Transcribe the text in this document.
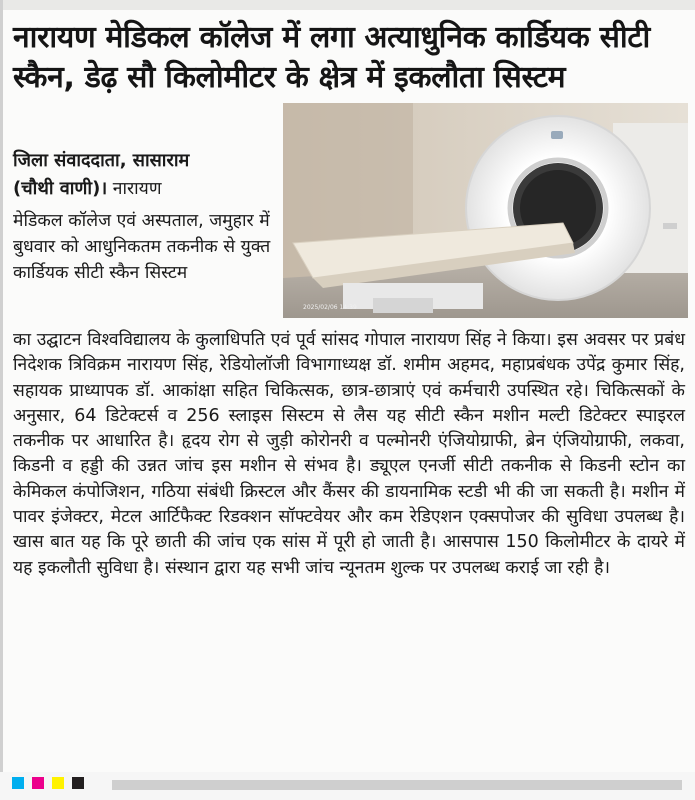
नारायण मेडिकल कॉलेज में लगा अत्याधुनिक कार्डियक सीटी स्कैन, डेढ़ सौ किलोमीटर के क्षेत्र में इकलौता सिस्टम
2025/02/06 14:39
जिला संवाददाता, सासाराम
(चौथी वाणी)। नारायण
मेडिकल कॉलेज एवं अस्पताल, जमुहार में बुधवार को आधुनिकतम तकनीक से युक्त कार्डियक सीटी स्कैन सिस्टम
का उद्घाटन विश्वविद्यालय के कुलाधिपति एवं पूर्व सांसद गोपाल नारायण सिंह ने किया। इस अवसर पर प्रबंध निदेशक त्रिविक्रम नारायण सिंह, रेडियोलॉजी विभागाध्यक्ष डॉ. शमीम अहमद, महाप्रबंधक उपेंद्र कुमार सिंह, सहायक प्राध्यापक डॉ. आकांक्षा सहित चिकित्सक, छात्र-छात्राएं एवं कर्मचारी उपस्थित रहे। चिकित्सकों के अनुसार, 64 डिटेक्टर्स व 256 स्लाइस सिस्टम से लैस यह सीटी स्कैन मशीन मल्टी डिटेक्टर स्पाइरल तकनीक पर आधारित है। हृदय रोग से जुड़ी कोरोनरी व पल्मोनरी एंजियोग्राफी, ब्रेन एंजियोग्राफी, लकवा, किडनी व हड्डी की उन्नत जांच इस मशीन से संभव है। ड्यूएल एनर्जी सीटी तकनीक से किडनी स्टोन का केमिकल कंपोजिशन, गठिया संबंधी क्रिस्टल और कैंसर की डायनामिक स्टडी भी की जा सकती है। मशीन में पावर इंजेक्टर, मेटल आर्टिफैक्ट रिडक्शन सॉफ्टवेयर और कम रेडिएशन एक्सपोजर की सुविधा उपलब्ध है। खास बात यह कि पूरे छाती की जांच एक सांस में पूरी हो जाती है। आसपास 150 किलोमीटर के दायरे में यह इकलौती सुविधा है। संस्थान द्वारा यह सभी जांच न्यूनतम शुल्क पर उपलब्ध कराई जा रही है।
